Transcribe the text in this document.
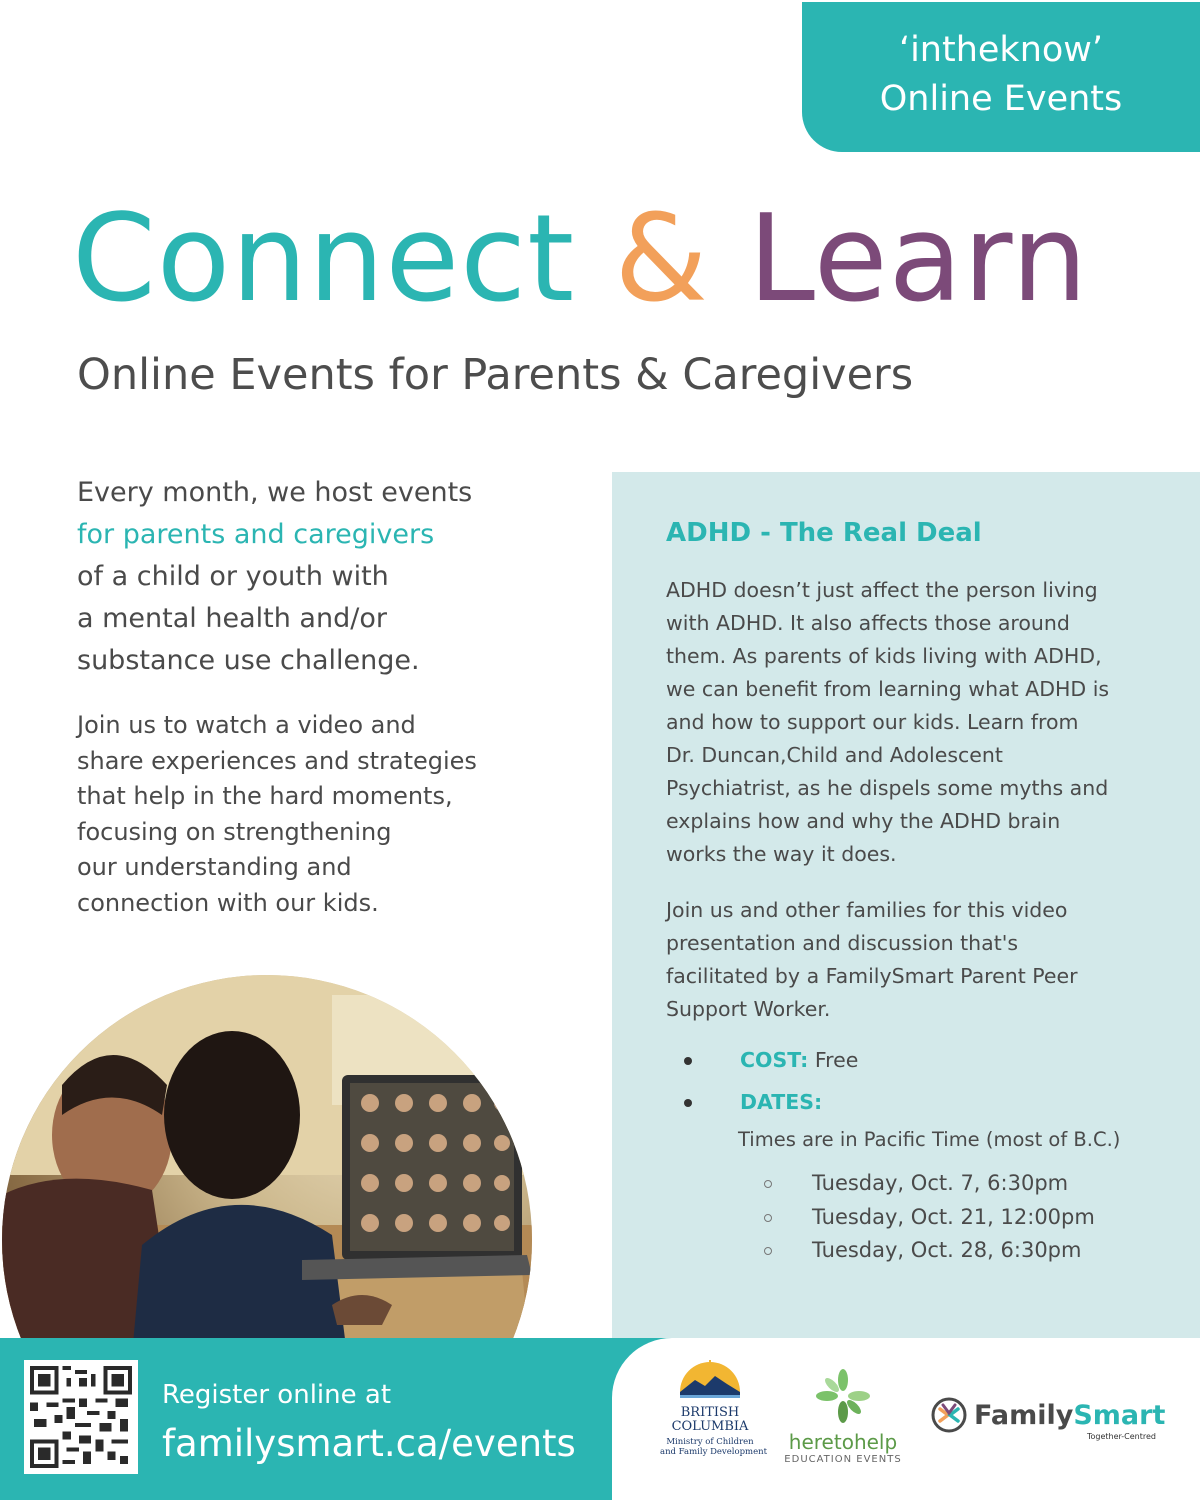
‘intheknow’
Online Events
Connect & Learn
Online Events for Parents & Caregivers
Every month, we host events
for parents and caregivers
of a child or youth with
a mental health and/or
substance use challenge.
Join us to watch a video and
share experiences and strategies
that help in the hard moments,
focusing on strengthening
our understanding and
connection with our kids.
ADHD - The Real Deal
ADHD doesn’t just affect the person living
with ADHD. It also affects those around
them. As parents of kids living with ADHD,
we can benefit from learning what ADHD is
and how to support our kids. Learn from
Dr. Duncan,Child and Adolescent
Psychiatrist, as he dispels some myths and
explains how and why the ADHD brain
works the way it does.
Join us and other families for this video
presentation and discussion that's
facilitated by a FamilySmart Parent Peer
Support Worker.
COST: Free
DATES:
Times are in Pacific Time (most of B.C.)
Tuesday, Oct. 7, 6:30pm
Tuesday, Oct. 21, 12:00pm
Tuesday, Oct. 28, 6:30pm
Register online at
familysmart.ca/events
BRITISH
COLUMBIA
Ministry of Children
and Family Development	heretohelp
EDUCATION EVENTS
FamilySmart
Together-Centred
